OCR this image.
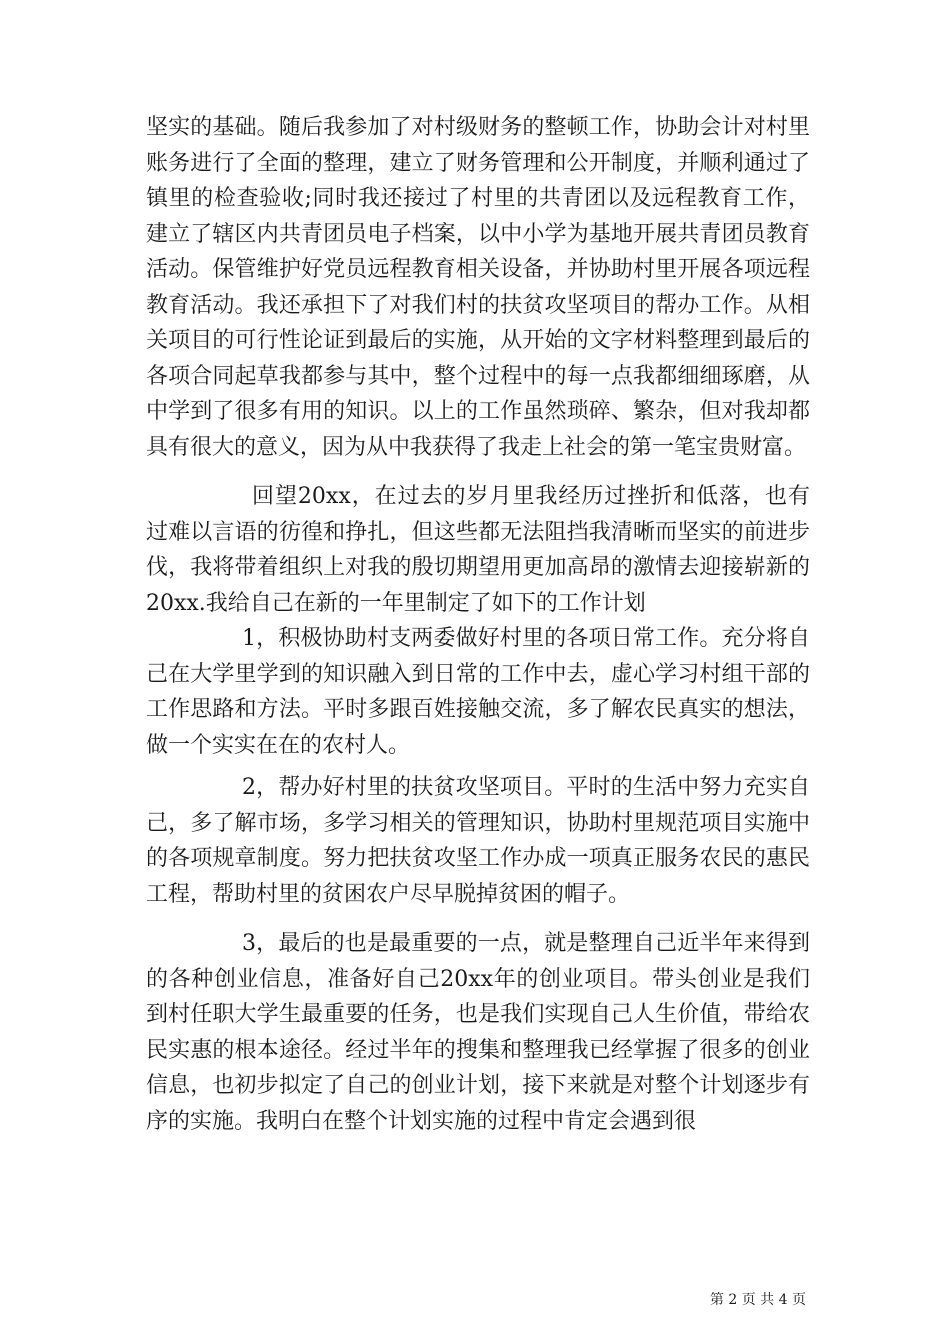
坚实的基础。随后我参加了对村级财务的整顿工作，协助会计对村里账务进行了全面的整理，建立了财务管理和公开制度，并顺利通过了镇里的检查验收;同时我还接过了村里的共青团以及远程教育工作，建立了辖区内共青团员电子档案，以中小学为基地开展共青团员教育活动。保管维护好党员远程教育相关设备，并协助村里开展各项远程教育活动。我还承担下了对我们村的扶贫攻坚项目的帮办工作。从相关项目的可行性论证到最后的实施，从开始的文字材料整理到最后的各项合同起草我都参与其中，整个过程中的每一点我都细细琢磨，从中学到了很多有用的知识。以上的工作虽然琐碎、繁杂，但对我却都具有很大的意义，因为从中我获得了我走上社会的第一笔宝贵财富。

回望20xx，在过去的岁月里我经历过挫折和低落，也有过难以言语的彷徨和挣扎，但这些都无法阻挡我清晰而坚实的前进步伐，我将带着组织上对我的殷切期望用更加高昂的激情去迎接崭新的20xx.我给自己在新的一年里制定了如下的工作计划

1，积极协助村支两委做好村里的各项日常工作。充分将自己在大学里学到的知识融入到日常的工作中去，虚心学习村组干部的工作思路和方法。平时多跟百姓接触交流，多了解农民真实的想法，做一个实实在在的农村人。

2，帮办好村里的扶贫攻坚项目。平时的生活中努力充实自己，多了解市场，多学习相关的管理知识，协助村里规范项目实施中的各项规章制度。努力把扶贫攻坚工作办成一项真正服务农民的惠民工程，帮助村里的贫困农户尽早脱掉贫困的帽子。

3，最后的也是最重要的一点，就是整理自己近半年来得到的各种创业信息，准备好自己20xx年的创业项目。带头创业是我们到村任职大学生最重要的任务，也是我们实现自己人生价值，带给农民实惠的根本途径。经过半年的搜集和整理我已经掌握了很多的创业信息，也初步拟定了自己的创业计划，接下来就是对整个计划逐步有序的实施。我明白在整个计划实施的过程中肯定会遇到很

第 2 页 共 4 页
